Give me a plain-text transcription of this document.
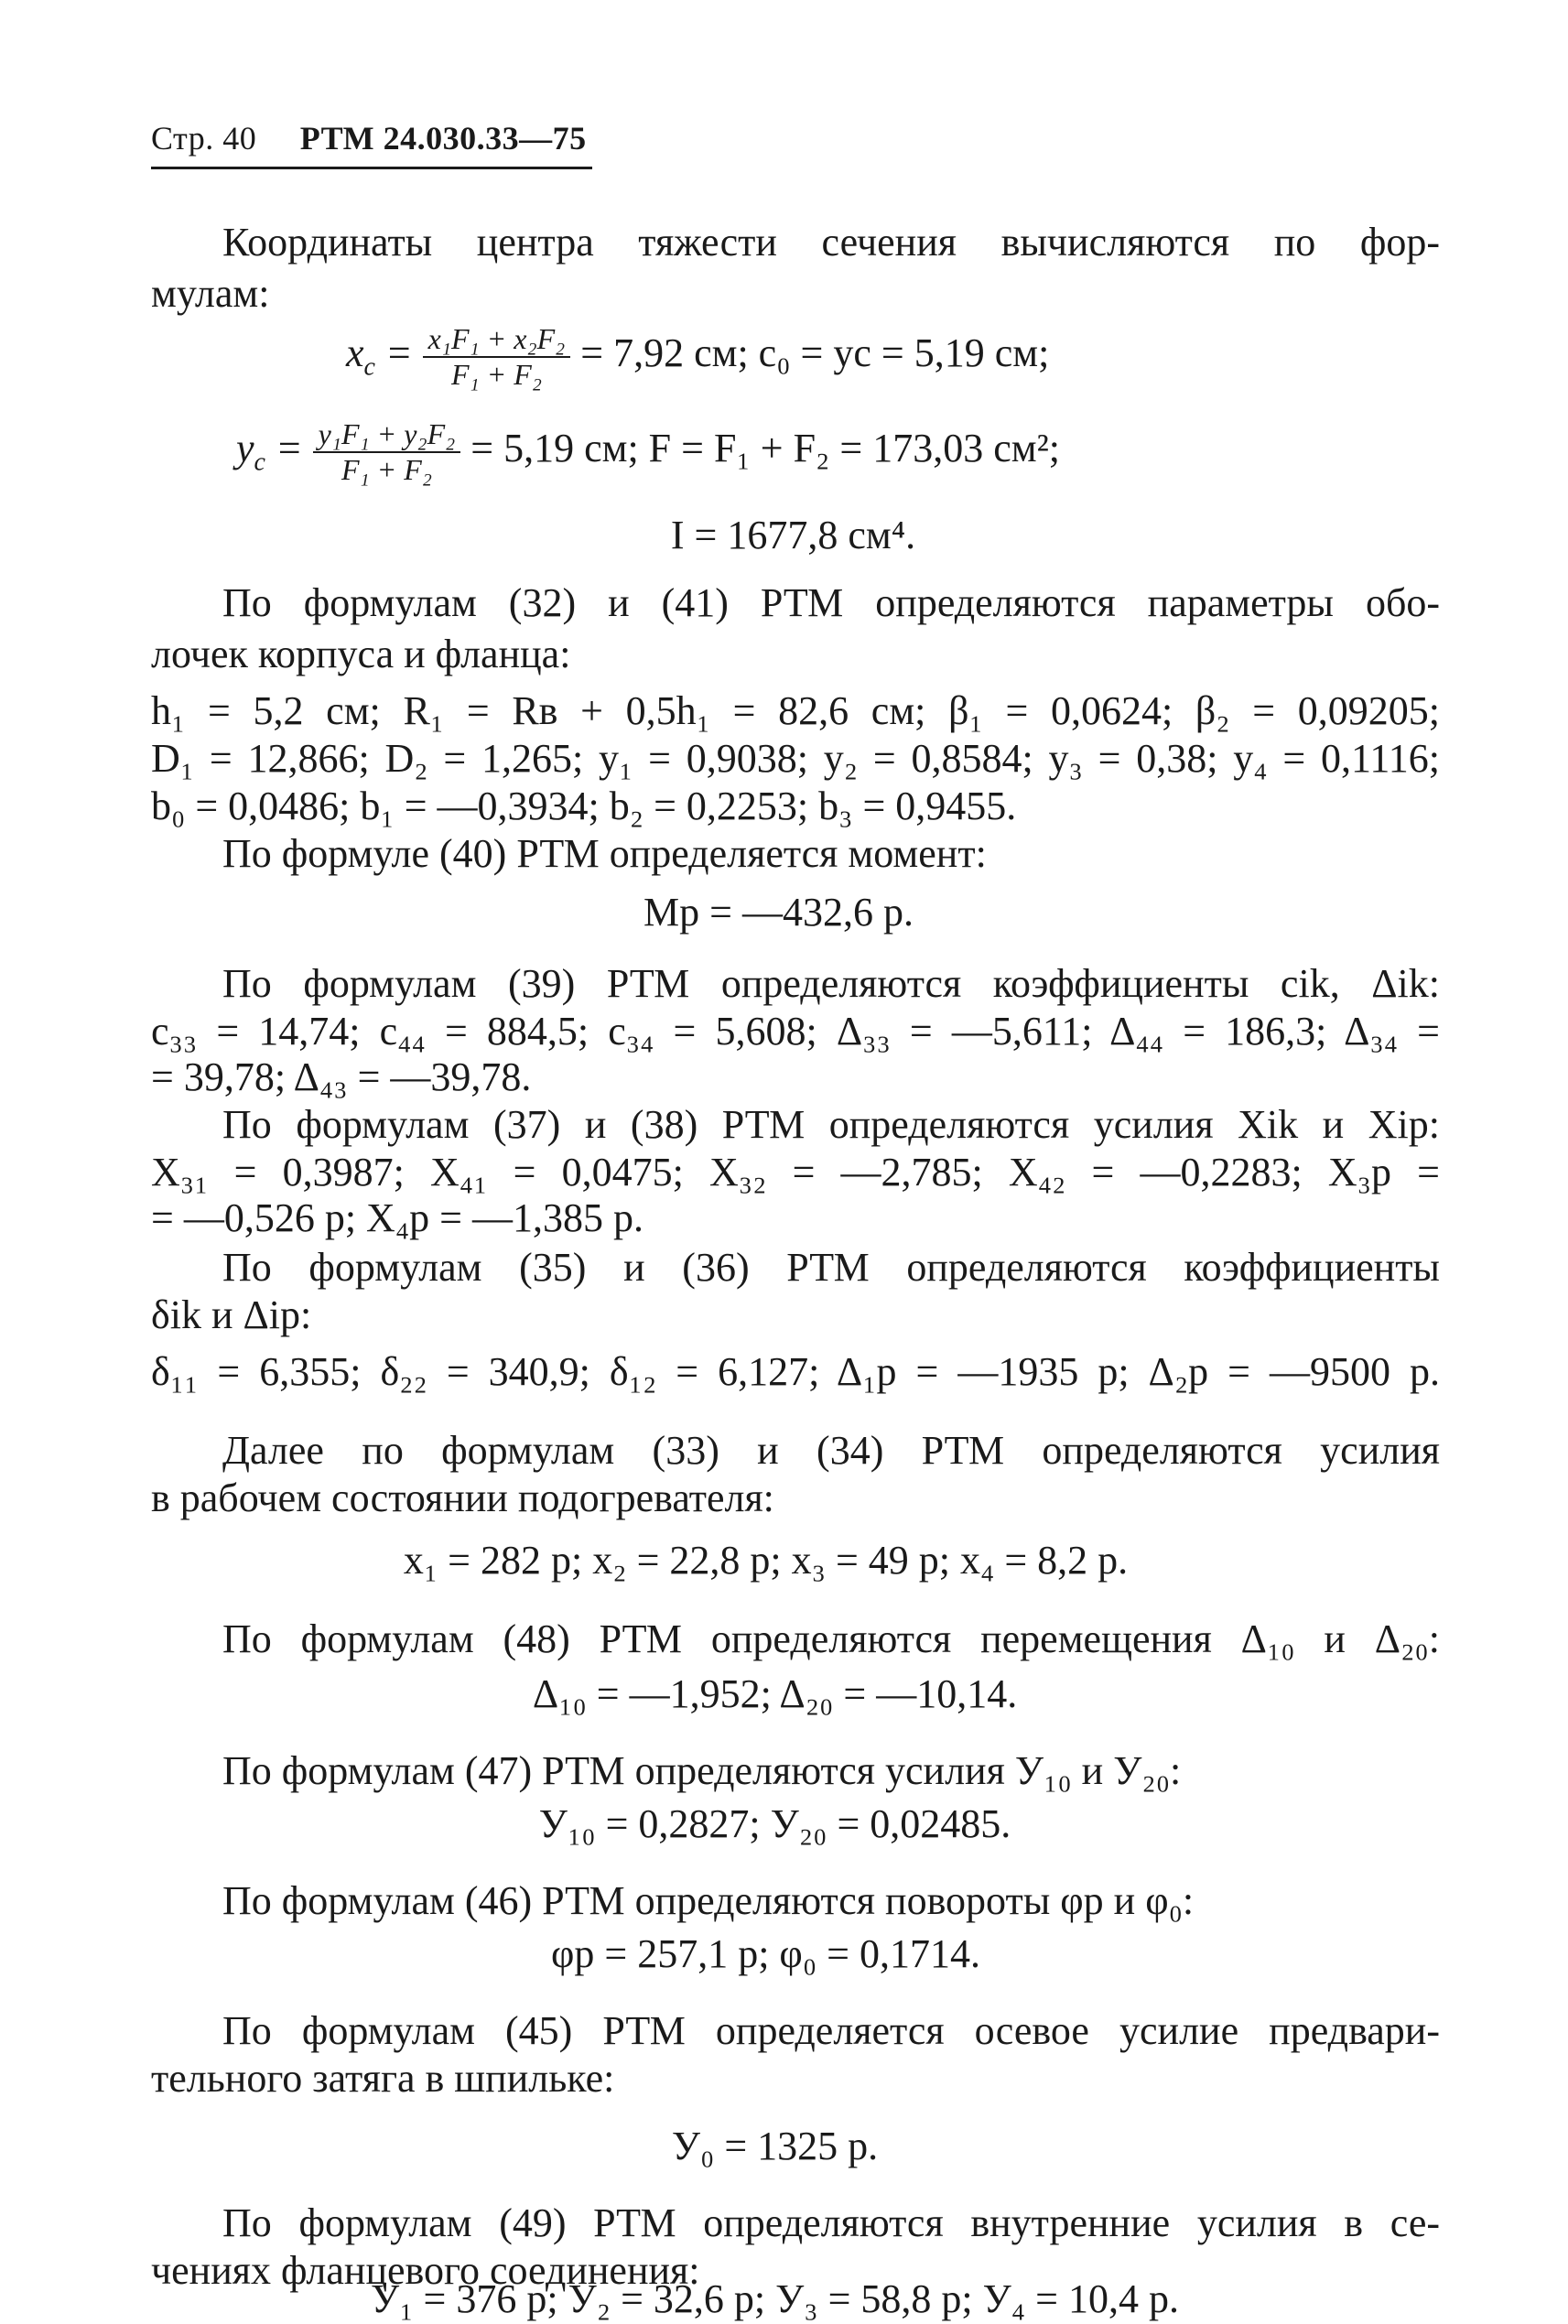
Стр. 40 РТМ 24.030.33—75
Координаты центра тяжести сечения вычисляются по фор-
мулам:
$x_c = \frac{\text{x₁F₁ + x₂F₂}}{\text{F₁ + F₂}} = 7,92$ см; c₀ = yc = 5,19 см;
$y_c = \frac{\text{y₁F₁ + y₂F₂}}{\text{F₁ + F₂}} = 5,19$ см; F = F₁ + F₂ = 173,03 см²;
I = 1677,8 см⁴.
По формулам (32) и (41) РТМ определяются параметры обо-
лочек корпуса и фланца:
h₁ = 5,2 см; R₁ = Rв + 0,5h₁ = 82,6 см; β₁ = 0,0624; β₂ = 0,09205;
D₁ = 12,866; D₂ = 1,265; y₁ = 0,9038; y₂ = 0,8584; y₃ = 0,38; y₄ = 0,1116;
b₀ = 0,0486; b₁ = —0,3934; b₂ = 0,2253; b₃ = 0,9455.
По формуле (40) РТМ определяется момент:
Mр = —432,6 p.
По формулам (39) РТМ определяются коэффициенты cik, Δik:
c₃₃ = 14,74; c₄₄ = 884,5; c₃₄ = 5,608; Δ₃₃ = —5,611; Δ₄₄ = 186,3; Δ₃₄ =
= 39,78; Δ₄₃ = —39,78.
По формулам (37) и (38) РТМ определяются усилия Xik и Xip:
X₃₁ = 0,3987; X₄₁ = 0,0475; X₃₂ = —2,785; X₄₂ = —0,2283; X₃p =
= —0,526 p; X₄p = —1,385 p.
По формулам (35) и (36) РТМ определяются коэффициенты
δik и Δip:
δ₁₁ = 6,355; δ₂₂ = 340,9; δ₁₂ = 6,127; Δ₁p = —1935 p; Δ₂p = —9500 p.
Далее по формулам (33) и (34) РТМ определяются усилия
в рабочем состоянии подогревателя:
x₁ = 282 p; x₂ = 22,8 p; x₃ = 49 p; x₄ = 8,2 p.
По формулам (48) РТМ определяются перемещения Δ₁₀ и Δ₂₀:
Δ₁₀ = —1,952; Δ₂₀ = —10,14.
По формулам (47) РТМ определяются усилия У₁₀ и У₂₀:
У₁₀ = 0,2827; У₂₀ = 0,02485.
По формулам (46) РТМ определяются повороты φp и φ₀:
φp = 257,1 p; φ₀ = 0,1714.
По формулам (45) РТМ определяется осевое усилие предвари-
тельного затяга в шпильке:
У₀ = 1325 p.
По формулам (49) РТМ определяются внутренние усилия в се-
чениях фланцевого соединения:
У₁ = 376 p; У₂ = 32,6 p; У₃ = 58,8 p; У₄ = 10,4 p.
